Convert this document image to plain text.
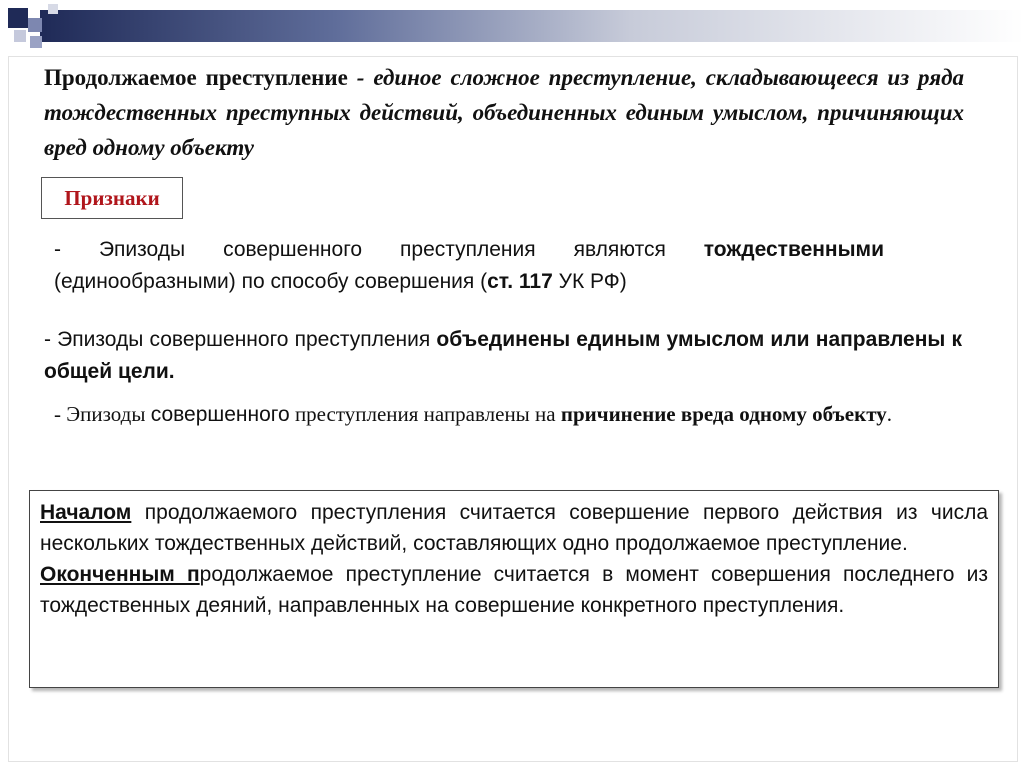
Продолжаемое преступление - единое сложное преступление, складывающееся из ряда тождественных преступных действий, объединенных единым умыслом, причиняющих вред одному объекту
Признаки
- Эпизоды совершенного преступления являются тождественными (единообразными) по способу совершения (ст. 117 УК РФ)
- Эпизоды совершенного преступления объединены единым умыслом или направлены к общей цели.
- Эпизоды совершенного преступления направлены на причинение вреда одному объекту.

Началом продолжаемого преступления считается совершение первого действия из числа нескольких тождественных действий, составляющих одно продолжаемое преступление.

Оконченным продолжаемое преступление считается в момент совершения последнего из тождественных деяний, направленных на совершение конкретного преступления.
